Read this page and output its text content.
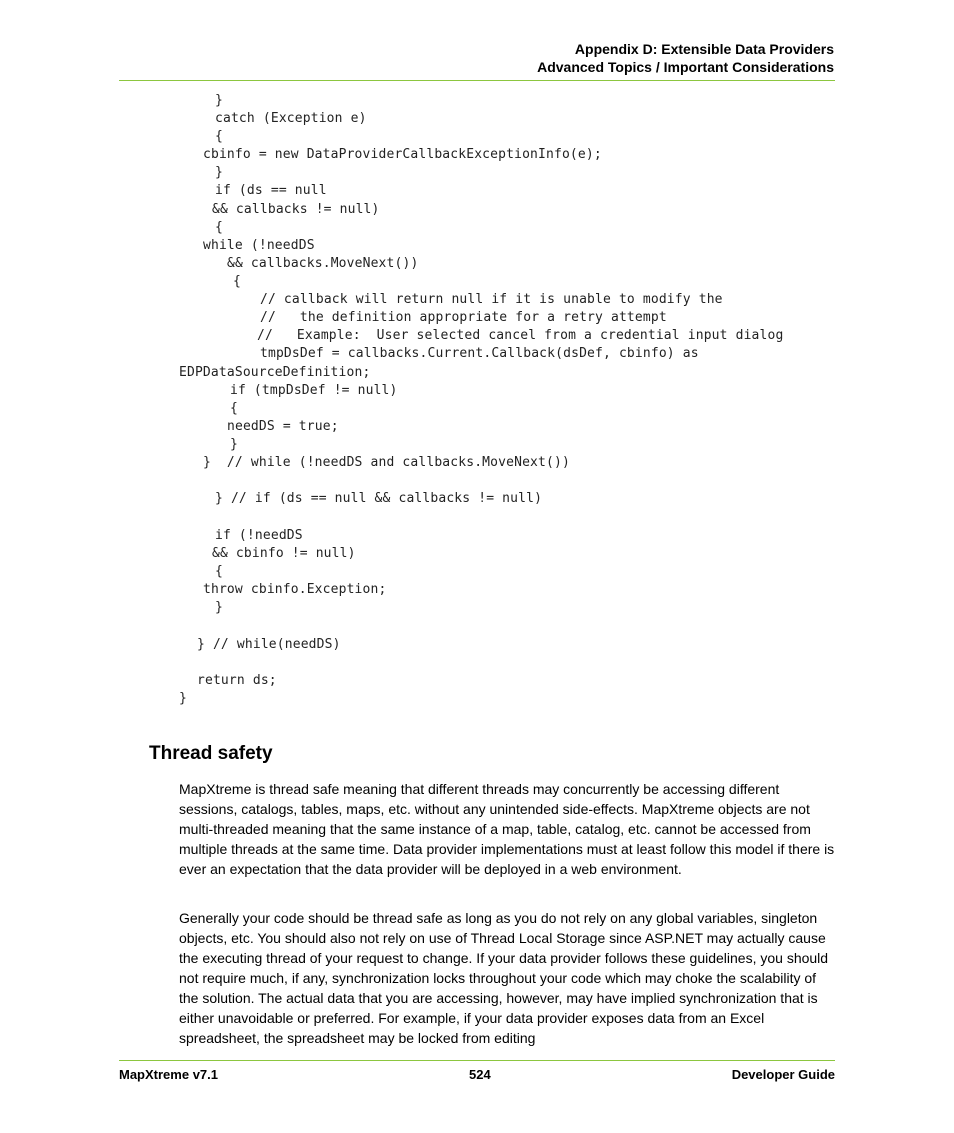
Appendix D: Extensible Data Providers
Advanced Topics / Important Considerations
}
catch (Exception e)
{
cbinfo = new DataProviderCallbackExceptionInfo(e);
}
if (ds == null
&& callbacks != null)
{
while (!needDS
&& callbacks.MoveNext())
{
// callback will return null if it is unable to modify the
//   the definition appropriate for a retry attempt
//   Example:  User selected cancel from a credential input dialog
tmpDsDef = callbacks.Current.Callback(dsDef, cbinfo) as
EDPDataSourceDefinition;
if (tmpDsDef != null)
{
needDS = true;
}
}  // while (!needDS and callbacks.MoveNext())
} // if (ds == null && callbacks != null)
if (!needDS
&& cbinfo != null)
{
throw cbinfo.Exception;
}
} // while(needDS)
return ds;
}
Thread safety

MapXtreme is thread safe meaning that different threads may concurrently be accessing different sessions, catalogs, tables, maps, etc. without any unintended side-effects. MapXtreme objects are not multi-threaded meaning that the same instance of a map, table, catalog, etc. cannot be accessed from multiple threads at the same time. Data provider implementations must at least follow this model if there is ever an expectation that the data provider will be deployed in a web environment.

Generally your code should be thread safe as long as you do not rely on any global variables, singleton objects, etc. You should also not rely on use of Thread Local Storage since ASP.NET may actually cause the executing thread of your request to change. If your data provider follows these guidelines, you should not require much, if any, synchronization locks throughout your code which may choke the scalability of the solution. The actual data that you are accessing, however, may have implied synchronization that is either unavoidable or preferred. For example, if your data provider exposes data from an Excel spreadsheet, the spreadsheet may be locked from editing

MapXtreme v7.1	524	Developer Guide
